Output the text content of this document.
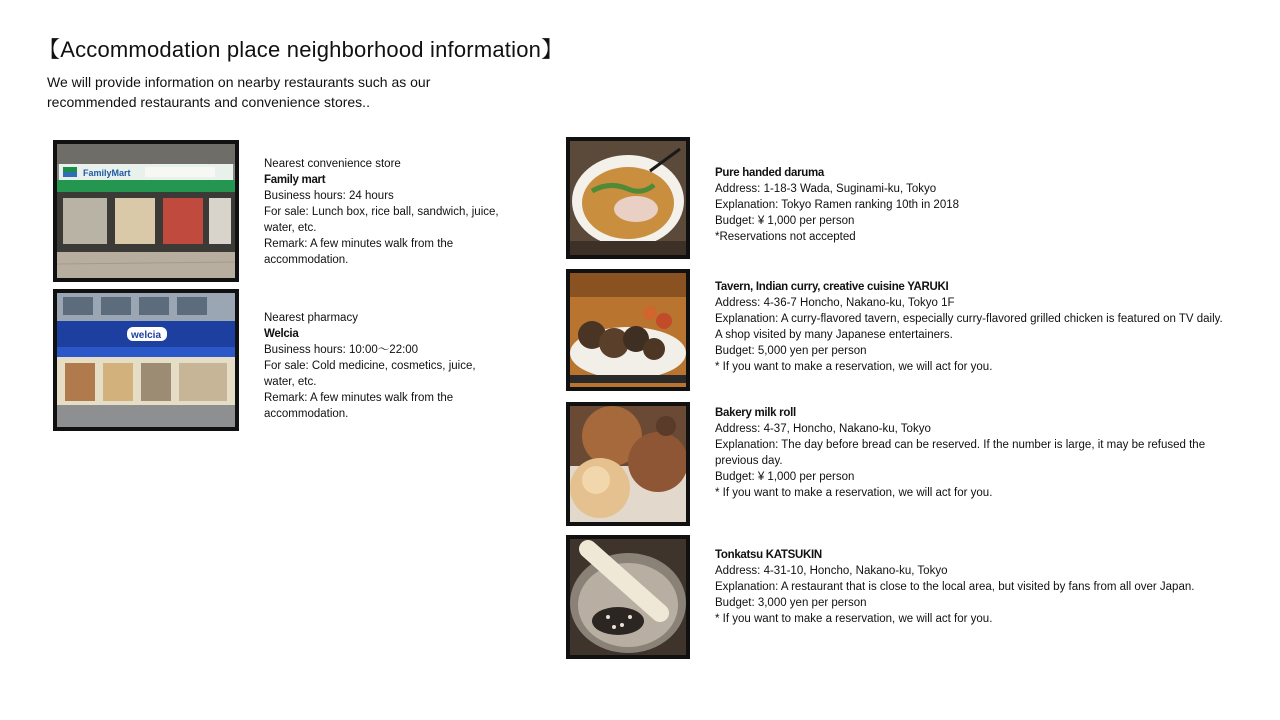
【Accommodation place neighborhood information】
We will provide information on nearby restaurants such as our recommended restaurants and convenience stores..
FamilyMart
Nearest convenience store
Family mart
Business hours: 24 hours
For sale: Lunch box, rice ball, sandwich, juice, water, etc.
Remark: A few minutes walk from the accommodation.
welcia
Nearest pharmacy
Welcia
Business hours: 10:00～22:00
For sale: Cold medicine, cosmetics, juice, water, etc.
Remark: A few minutes walk from the accommodation.
Pure handed daruma
Address: 1-18-3 Wada, Suginami-ku, Tokyo
Explanation: Tokyo Ramen ranking 10th in 2018
Budget: ¥ 1,000 per person
*Reservations not accepted
Tavern, Indian curry, creative cuisine YARUKI
Address: 4-36-7 Honcho, Nakano-ku, Tokyo 1F
Explanation: A curry-flavored tavern, especially curry-flavored grilled chicken is featured on TV daily. A shop visited by many Japanese entertainers.
Budget: 5,000 yen per person
* If you want to make a reservation, we will act for you.
Bakery milk roll
Address: 4-37, Honcho, Nakano-ku, Tokyo
Explanation: The day before bread can be reserved. If the number is large, it may be refused the previous day.
Budget: ¥ 1,000 per person
* If you want to make a reservation, we will act for you.
Tonkatsu KATSUKIN
Address: 4-31-10, Honcho, Nakano-ku, Tokyo
Explanation: A restaurant that is close to the local area, but visited by fans from all over Japan.
Budget: 3,000 yen per person
* If you want to make a reservation, we will act for you.
